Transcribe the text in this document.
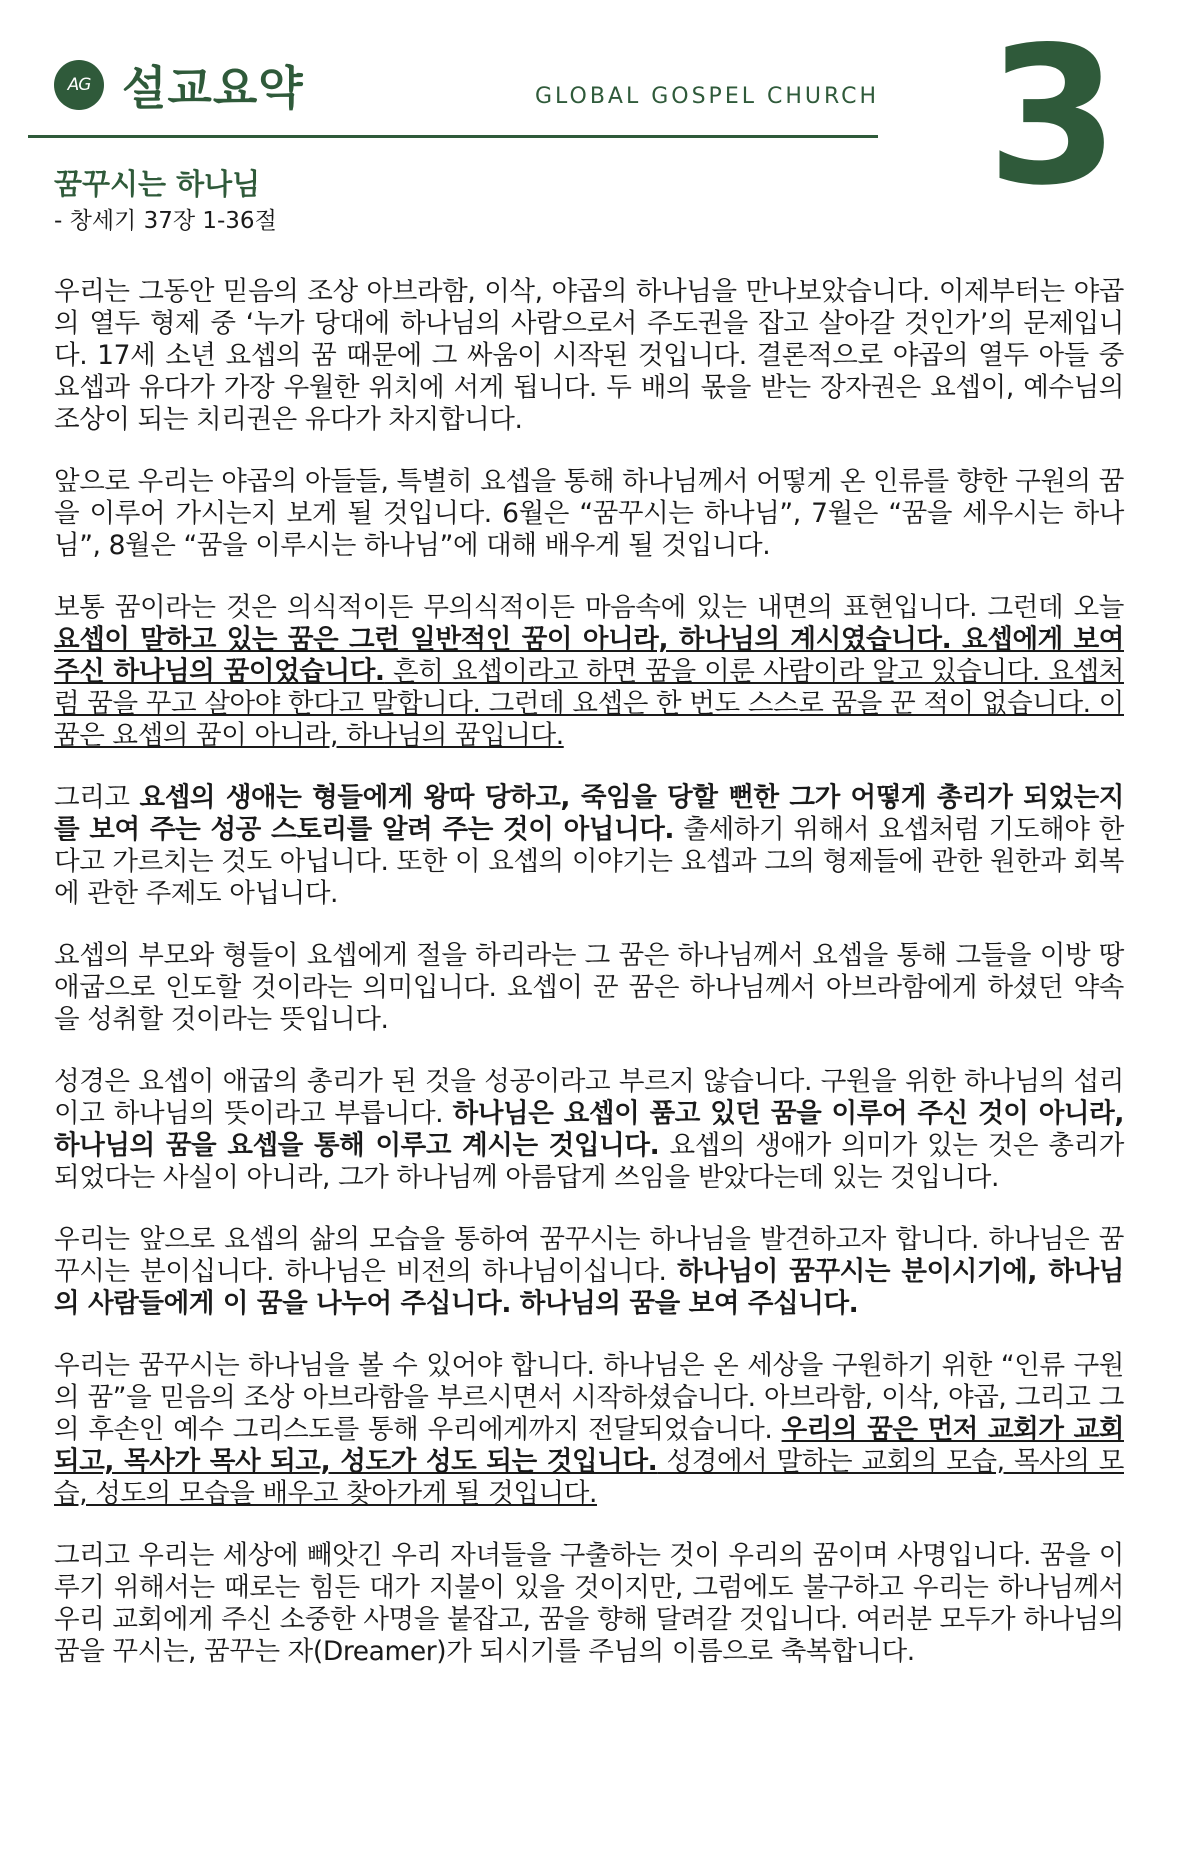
AG 설교요약	GLOBAL GOSPEL CHURCH 3
꿈꾸시는 하나님
- 창세기 37장 1-36절

우리는 그동안 믿음의 조상 아브라함, 이삭, 야곱의 하나님을 만나보았습니다. 이제부터는 야곱의 열두 형제 중 ‘누가 당대에 하나님의 사람으로서 주도권을 잡고 살아갈 것인가’의 문제입니다. 17세 소년 요셉의 꿈 때문에 그 싸움이 시작된 것입니다. 결론적으로 야곱의 열두 아들 중 요셉과 유다가 가장 우월한 위치에 서게 됩니다. 두 배의 몫을 받는 장자권은 요셉이, 예수님의 조상이 되는 치리권은 유다가 차지합니다.

앞으로 우리는 야곱의 아들들, 특별히 요셉을 통해 하나님께서 어떻게 온 인류를 향한 구원의 꿈을 이루어 가시는지 보게 될 것입니다. 6월은 “꿈꾸시는 하나님”, 7월은 “꿈을 세우시는 하나님”, 8월은 “꿈을 이루시는 하나님”에 대해 배우게 될 것입니다.

보통 꿈이라는 것은 의식적이든 무의식적이든 마음속에 있는 내면의 표현입니다. 그런데 오늘 요셉이 말하고 있는 꿈은 그런 일반적인 꿈이 아니라, 하나님의 계시였습니다. 요셉에게 보여 주신 하나님의 꿈이었습니다. 흔히 요셉이라고 하면 꿈을 이룬 사람이라 알고 있습니다. 요셉처럼 꿈을 꾸고 살아야 한다고 말합니다. 그런데 요셉은 한 번도 스스로 꿈을 꾼 적이 없습니다. 이 꿈은 요셉의 꿈이 아니라, 하나님의 꿈입니다.

그리고 요셉의 생애는 형들에게 왕따 당하고, 죽임을 당할 뻔한 그가 어떻게 총리가 되었는지를 보여 주는 성공 스토리를 알려 주는 것이 아닙니다. 출세하기 위해서 요셉처럼 기도해야 한다고 가르치는 것도 아닙니다. 또한 이 요셉의 이야기는 요셉과 그의 형제들에 관한 원한과 회복에 관한 주제도 아닙니다.

요셉의 부모와 형들이 요셉에게 절을 하리라는 그 꿈은 하나님께서 요셉을 통해 그들을 이방 땅 애굽으로 인도할 것이라는 의미입니다. 요셉이 꾼 꿈은 하나님께서 아브라함에게 하셨던 약속을 성취할 것이라는 뜻입니다.

성경은 요셉이 애굽의 총리가 된 것을 성공이라고 부르지 않습니다. 구원을 위한 하나님의 섭리이고 하나님의 뜻이라고 부릅니다. 하나님은 요셉이 품고 있던 꿈을 이루어 주신 것이 아니라, 하나님의 꿈을 요셉을 통해 이루고 계시는 것입니다. 요셉의 생애가 의미가 있는 것은 총리가 되었다는 사실이 아니라, 그가 하나님께 아름답게 쓰임을 받았다는데 있는 것입니다.

우리는 앞으로 요셉의 삶의 모습을 통하여 꿈꾸시는 하나님을 발견하고자 합니다. 하나님은 꿈꾸시는 분이십니다. 하나님은 비전의 하나님이십니다. 하나님이 꿈꾸시는 분이시기에, 하나님의 사람들에게 이 꿈을 나누어 주십니다. 하나님의 꿈을 보여 주십니다.

우리는 꿈꾸시는 하나님을 볼 수 있어야 합니다. 하나님은 온 세상을 구원하기 위한 “인류 구원의 꿈”을 믿음의 조상 아브라함을 부르시면서 시작하셨습니다. 아브라함, 이삭, 야곱, 그리고 그의 후손인 예수 그리스도를 통해 우리에게까지 전달되었습니다. 우리의 꿈은 먼저 교회가 교회 되고, 목사가 목사 되고, 성도가 성도 되는 것입니다. 성경에서 말하는 교회의 모습, 목사의 모습, 성도의 모습을 배우고 찾아가게 될 것입니다.

그리고 우리는 세상에 빼앗긴 우리 자녀들을 구출하는 것이 우리의 꿈이며 사명입니다. 꿈을 이루기 위해서는 때로는 힘든 대가 지불이 있을 것이지만, 그럼에도 불구하고 우리는 하나님께서 우리 교회에게 주신 소중한 사명을 붙잡고, 꿈을 향해 달려갈 것입니다. 여러분 모두가 하나님의 꿈을 꾸시는, 꿈꾸는 자(Dreamer)가 되시기를 주님의 이름으로 축복합니다.
